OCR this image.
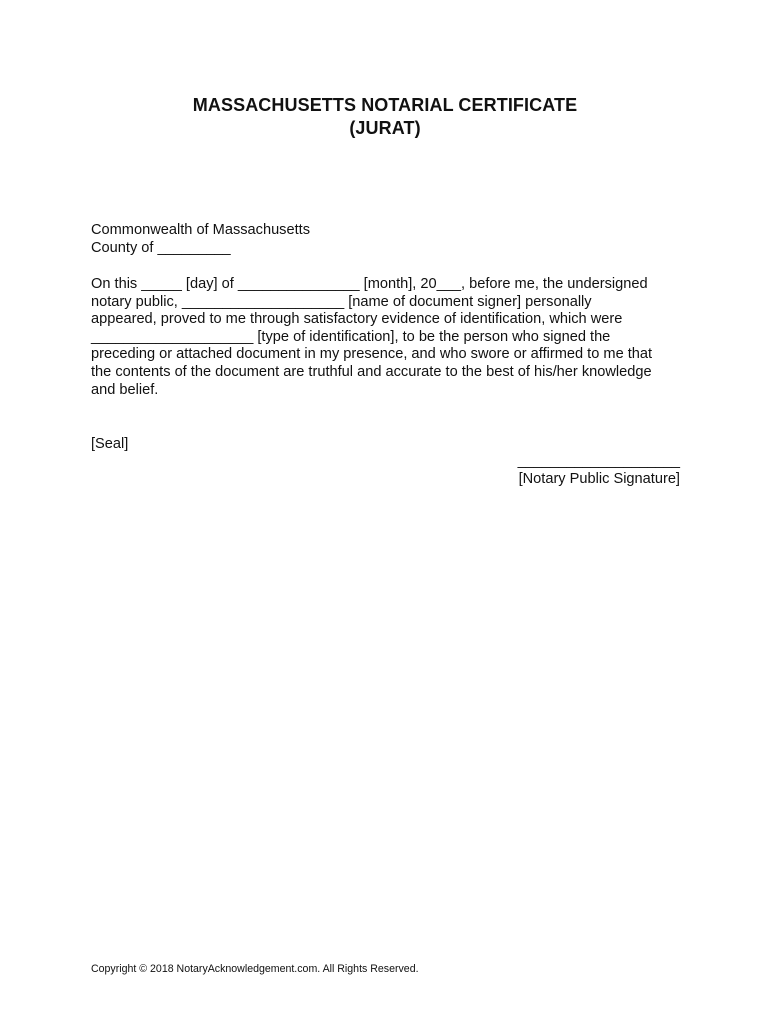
MASSACHUSETTS NOTARIAL CERTIFICATE
(JURAT)
Commonwealth of Massachusetts
County of _________
On this _____ [day] of _______________ [month], 20___, before me, the undersigned
notary public, ____________________ [name of document signer] personally
appeared, proved to me through satisfactory evidence of identification, which were
____________________ [type of identification], to be the person who signed the
preceding or attached document in my presence, and who swore or affirmed to me that
the contents of the document are truthful and accurate to the best of his/her knowledge
and belief.
[Seal]
____________________
[Notary Public Signature]
Copyright © 2018 NotaryAcknowledgement.com. All Rights Reserved.
